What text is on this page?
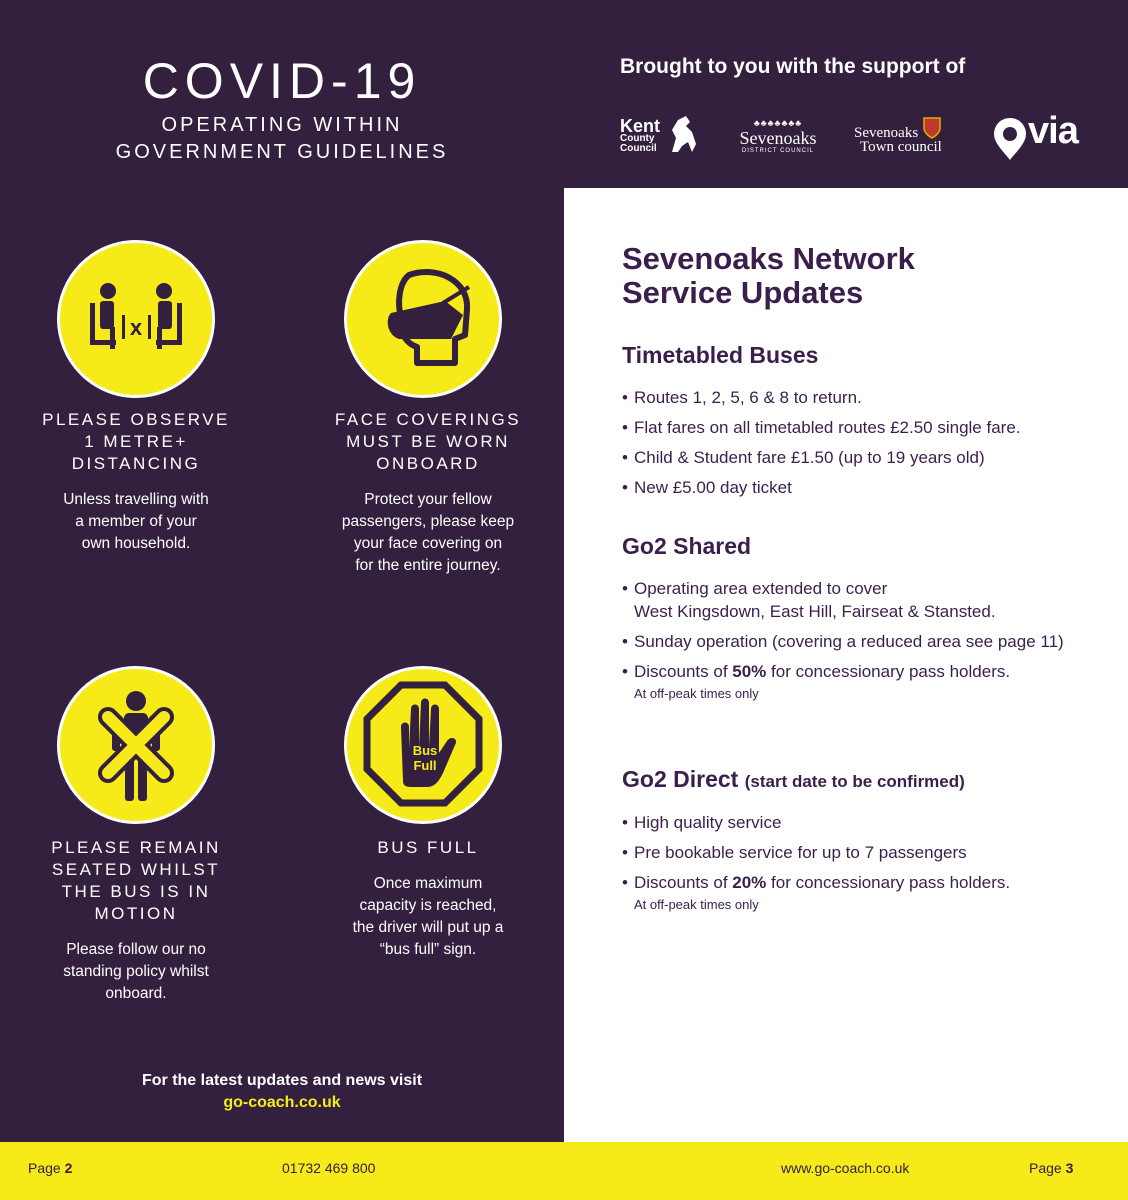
COVID-19
OPERATING WITHIN
GOVERNMENT GUIDELINES
x
PLEASE OBSERVE
1 METRE+
DISTANCING
Unless travelling with
a member of your
own household.
FACE COVERINGS
MUST BE WORN
ONBOARD
Protect your fellow
passengers, please keep
your face covering on
for the entire journey.
PLEASE REMAIN
SEATED WHILST
THE BUS IS IN
MOTION
Please follow our no
standing policy whilst
onboard.
Bus
Full
BUS FULL
Once maximum
capacity is reached,
the driver will put up a
“bus full” sign.
For the latest updates and news visit
go-coach.co.uk
Brought to you with the support of
Kent
County
Council
♣♣♣♣♣♣♣
Sevenoaks
DISTRICT COUNCIL
Sevenoaks
Town council	via
Sevenoaks Network
Service Updates
Timetabled Buses
• Routes 1, 2, 5, 6 & 8 to return.
• Flat fares on all timetabled routes £2.50 single fare.
• Child & Student fare £1.50 (up to 19 years old)
• New £5.00 day ticket
Go2 Shared
• Operating area extended to cover
West Kingsdown, East Hill, Fairseat & Stansted.
• Sunday operation (covering a reduced area see page 11)
• Discounts of 50% for concessionary pass holders.
At off-peak times only
Go2 Direct (start date to be confirmed)
• High quality service
• Pre bookable service for up to 7 passengers
• Discounts of 20% for concessionary pass holders.
At off-peak times only
Page 2	01732 469 800	www.go-coach.co.uk	Page 3
